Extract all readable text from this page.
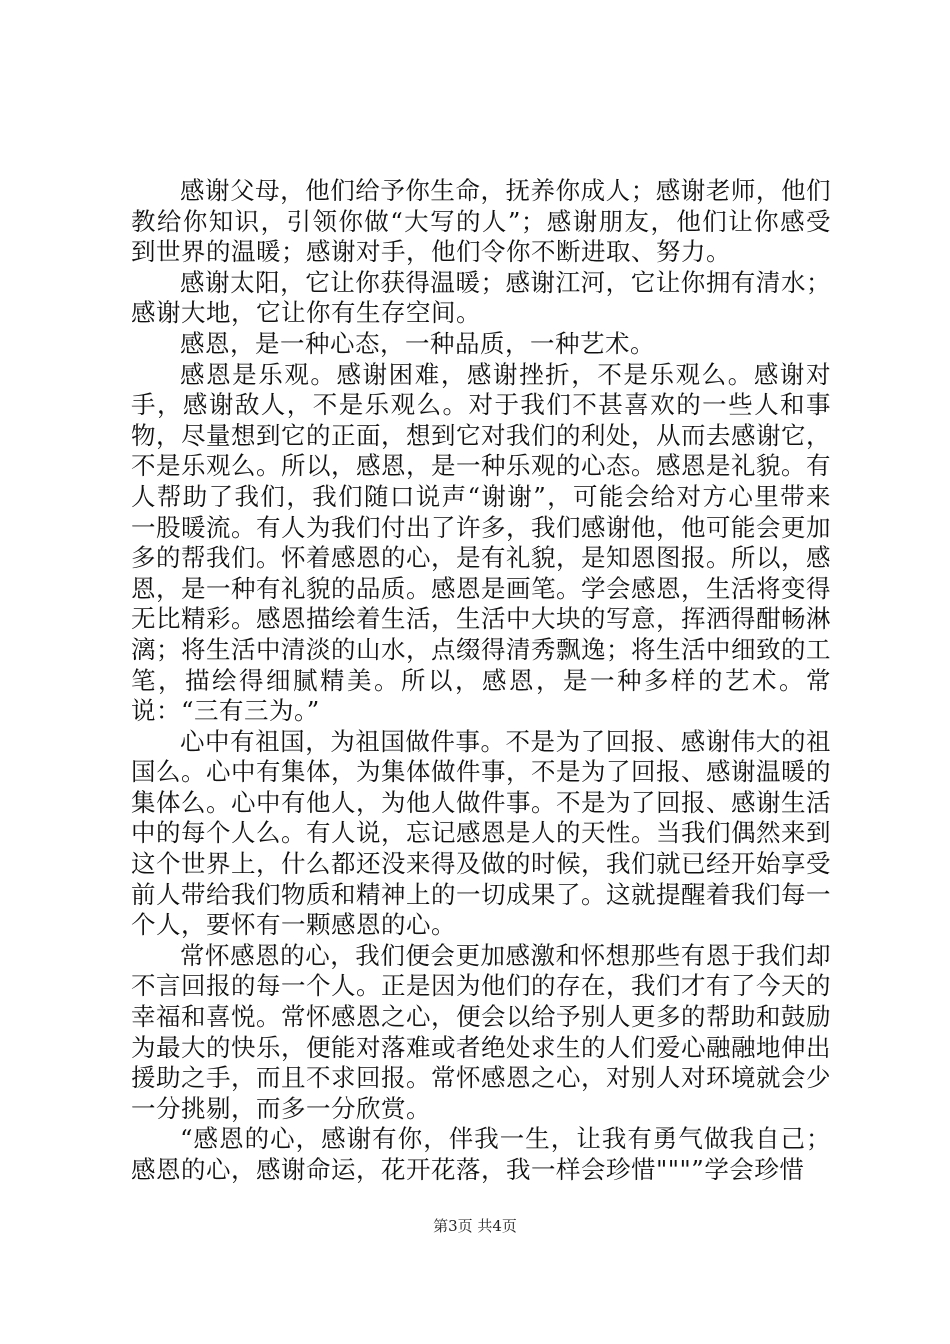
感谢父母，他们给予你生命，抚养你成人；感谢老师，他们教给你知识，引领你做“大写的人”；感谢朋友，他们让你感受到世界的温暖；感谢对手，他们令你不断进取、努力。

感谢太阳，它让你获得温暖；感谢江河，它让你拥有清水；感谢大地，它让你有生存空间。

感恩，是一种心态，一种品质，一种艺术。

感恩是乐观。感谢困难，感谢挫折，不是乐观么。感谢对手，感谢敌人，不是乐观么。对于我们不甚喜欢的一些人和事物，尽量想到它的正面，想到它对我们的利处，从而去感谢它，不是乐观么。所以，感恩，是一种乐观的心态。感恩是礼貌。有人帮助了我们，我们随口说声“谢谢”，可能会给对方心里带来一股暖流。有人为我们付出了许多，我们感谢他，他可能会更加多的帮我们。怀着感恩的心，是有礼貌，是知恩图报。所以，感恩，是一种有礼貌的品质。感恩是画笔。学会感恩，生活将变得无比精彩。感恩描绘着生活，生活中大块的写意，挥洒得酣畅淋漓；将生活中清淡的山水，点缀得清秀飘逸；将生活中细致的工笔，描绘得细腻精美。所以，感恩，是一种多样的艺术。常说：“三有三为。”

心中有祖国，为祖国做件事。不是为了回报、感谢伟大的祖国么。心中有集体，为集体做件事，不是为了回报、感谢温暖的集体么。心中有他人，为他人做件事。不是为了回报、感谢生活中的每个人么。有人说，忘记感恩是人的天性。当我们偶然来到这个世界上，什么都还没来得及做的时候，我们就已经开始享受前人带给我们物质和精神上的一切成果了。这就提醒着我们每一个人，要怀有一颗感恩的心。

常怀感恩的心，我们便会更加感激和怀想那些有恩于我们却不言回报的每一个人。正是因为他们的存在，我们才有了今天的幸福和喜悦。常怀感恩之心，便会以给予别人更多的帮助和鼓励为最大的快乐，便能对落难或者绝处求生的人们爱心融融地伸出援助之手，而且不求回报。常怀感恩之心，对别人对环境就会少一分挑剔，而多一分欣赏。

“感恩的心，感谢有你，伴我一生，让我有勇气做我自己；感恩的心，感谢命运，花开花落，我一样会珍惜"""”学会珍惜

第3页 共4页
